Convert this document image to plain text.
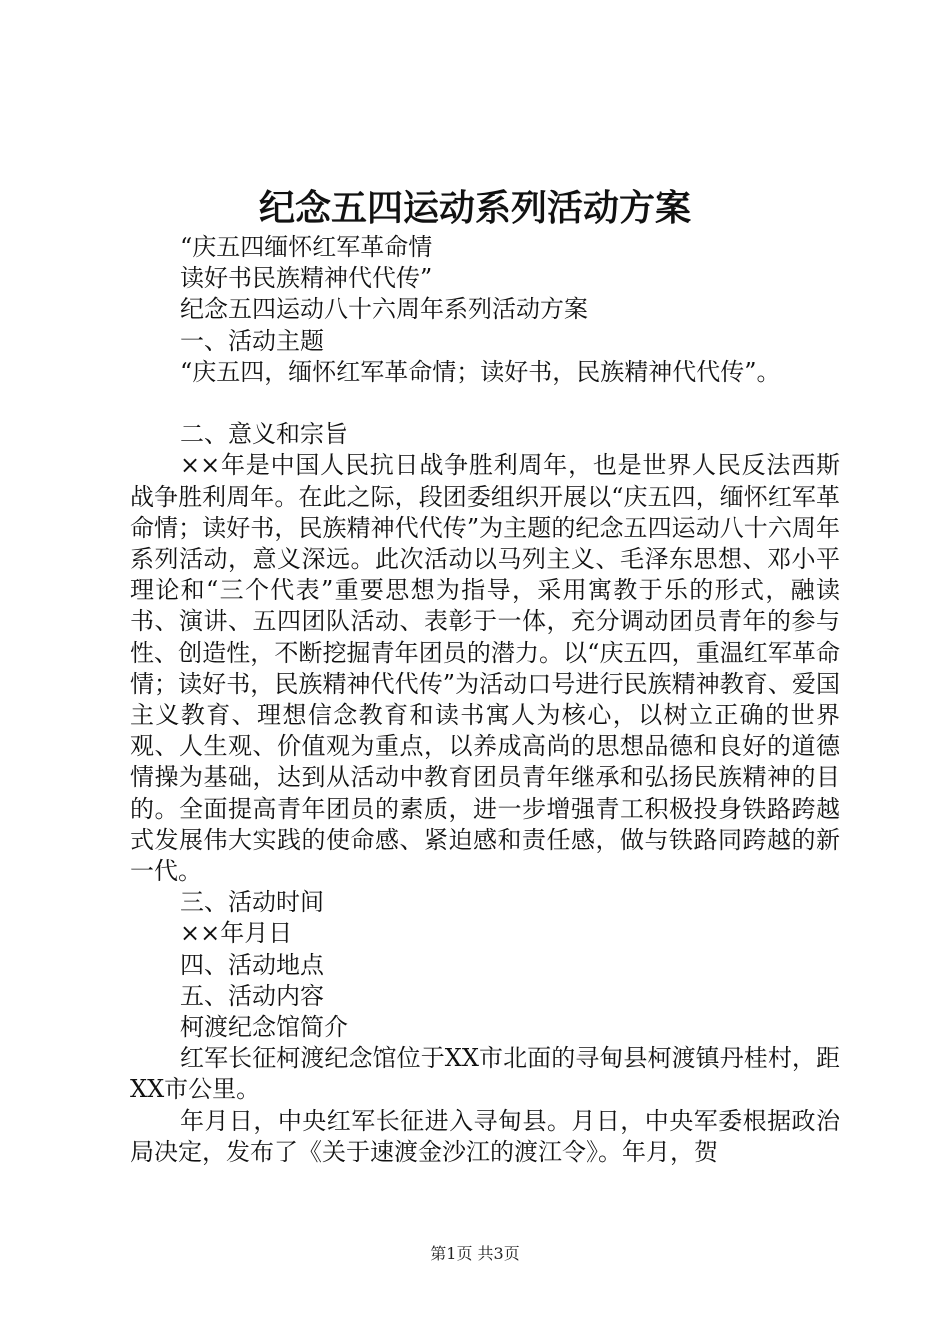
纪念五四运动系列活动方案
“庆五四缅怀红军革命情
读好书民族精神代代传”
纪念五四运动八十六周年系列活动方案
一、活动主题
“庆五四，缅怀红军革命情；读好书，民族精神代代传”。
二、意义和宗旨

××年是中国人民抗日战争胜利周年，也是世界人民反法西斯战争胜利周年。在此之际，段团委组织开展以“庆五四，缅怀红军革命情；读好书，民族精神代代传”为主题的纪念五四运动八十六周年系列活动，意义深远。此次活动以马列主义、毛泽东思想、邓小平理论和“三个代表”重要思想为指导，采用寓教于乐的形式，融读书、演讲、五四团队活动、表彰于一体，充分调动团员青年的参与性、创造性，不断挖掘青年团员的潜力。以“庆五四，重温红军革命情；读好书，民族精神代代传”为活动口号进行民族精神教育、爱国主义教育、理想信念教育和读书寓人为核心，以树立正确的世界观、人生观、价值观为重点，以养成高尚的思想品德和良好的道德情操为基础，达到从活动中教育团员青年继承和弘扬民族精神的目的。全面提高青年团员的素质，进一步增强青工积极投身铁路跨越式发展伟大实践的使命感、紧迫感和责任感，做与铁路同跨越的新一代。

三、活动时间
××年月日
四、活动地点
五、活动内容
柯渡纪念馆简介

红军长征柯渡纪念馆位于XX市北面的寻甸县柯渡镇丹桂村，距XX市公里。

年月日，中央红军长征进入寻甸县。月日，中央军委根据政治局决定，发布了《关于速渡金沙江的渡江令》。年月，贺

第1页 共3页
